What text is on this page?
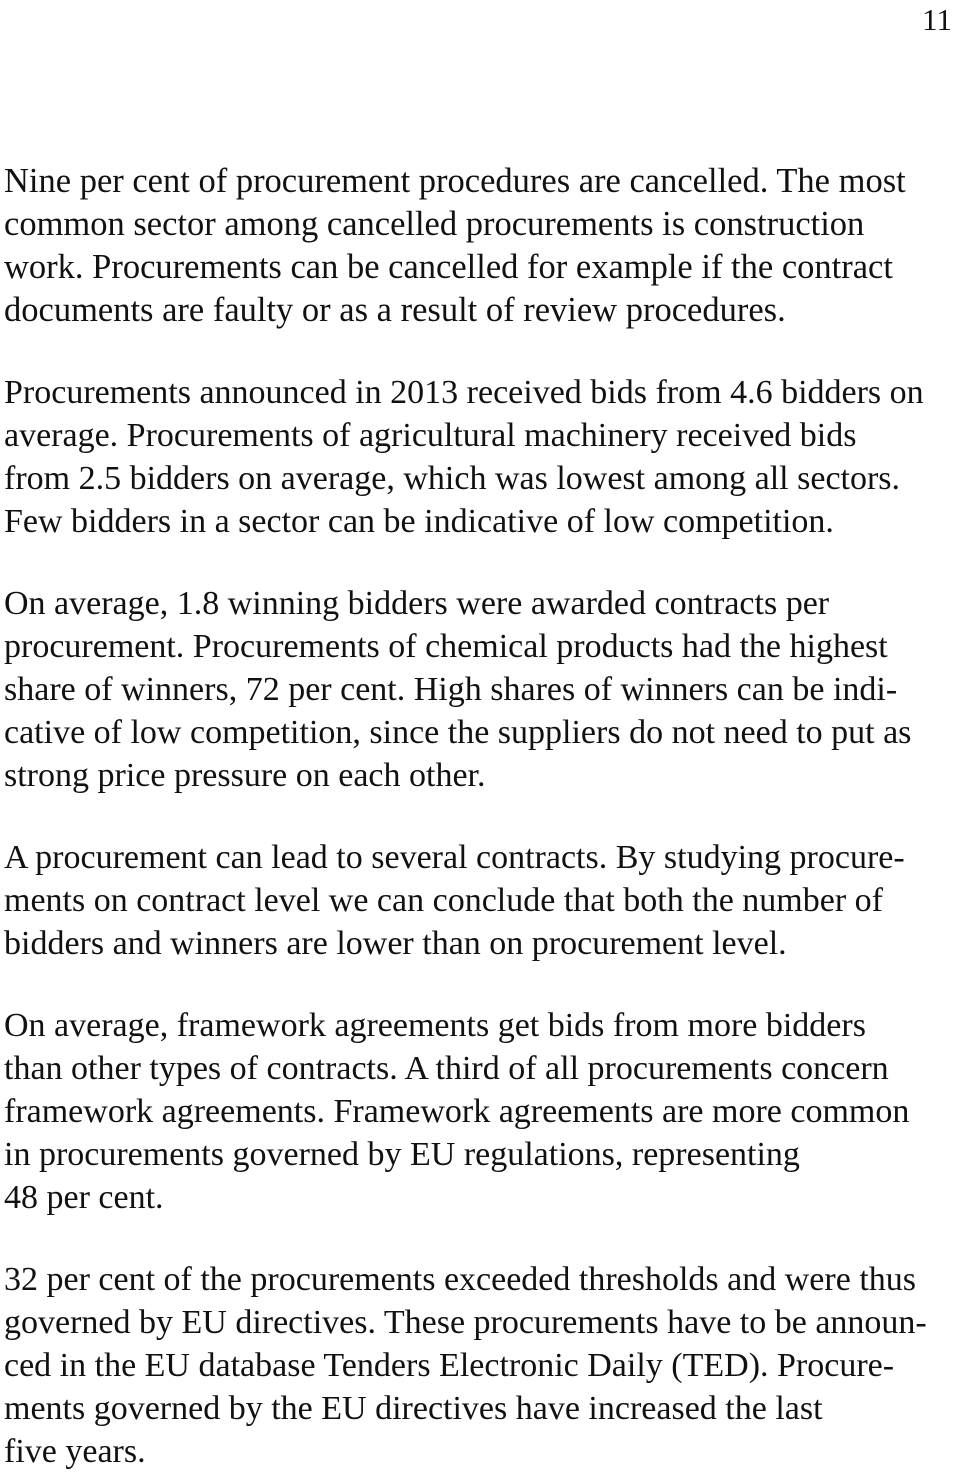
11
Nine per cent of procurement procedures are cancelled. The most
common sector among cancelled procurements is construction
work. Procurements can be cancelled for example if the contract
documents are faulty or as a result of review procedures.
Procurements announced in 2013 received bids from 4.6 bidders on
average. Procurements of agricultural machinery received bids
from 2.5 bidders on average, which was lowest among all sectors.
Few bidders in a sector can be indicative of low competition.
On average, 1.8 winning bidders were awarded contracts per
procurement. Procurements of chemical products had the highest
share of winners, 72 per cent. High shares of winners can be indi-
cative of low competition, since the suppliers do not need to put as
strong price pressure on each other.
A procurement can lead to several contracts. By studying procure-
ments on contract level we can conclude that both the number of
bidders and winners are lower than on procurement level.
On average, framework agreements get bids from more bidders
than other types of contracts. A third of all procurements concern
framework agreements. Framework agreements are more common
in procurements governed by EU regulations, representing
48 per cent.
32 per cent of the procurements exceeded thresholds and were thus
governed by EU directives. These procurements have to be announ-
ced in the EU database Tenders Electronic Daily (TED). Procure-
ments governed by the EU directives have increased the last
five years.
